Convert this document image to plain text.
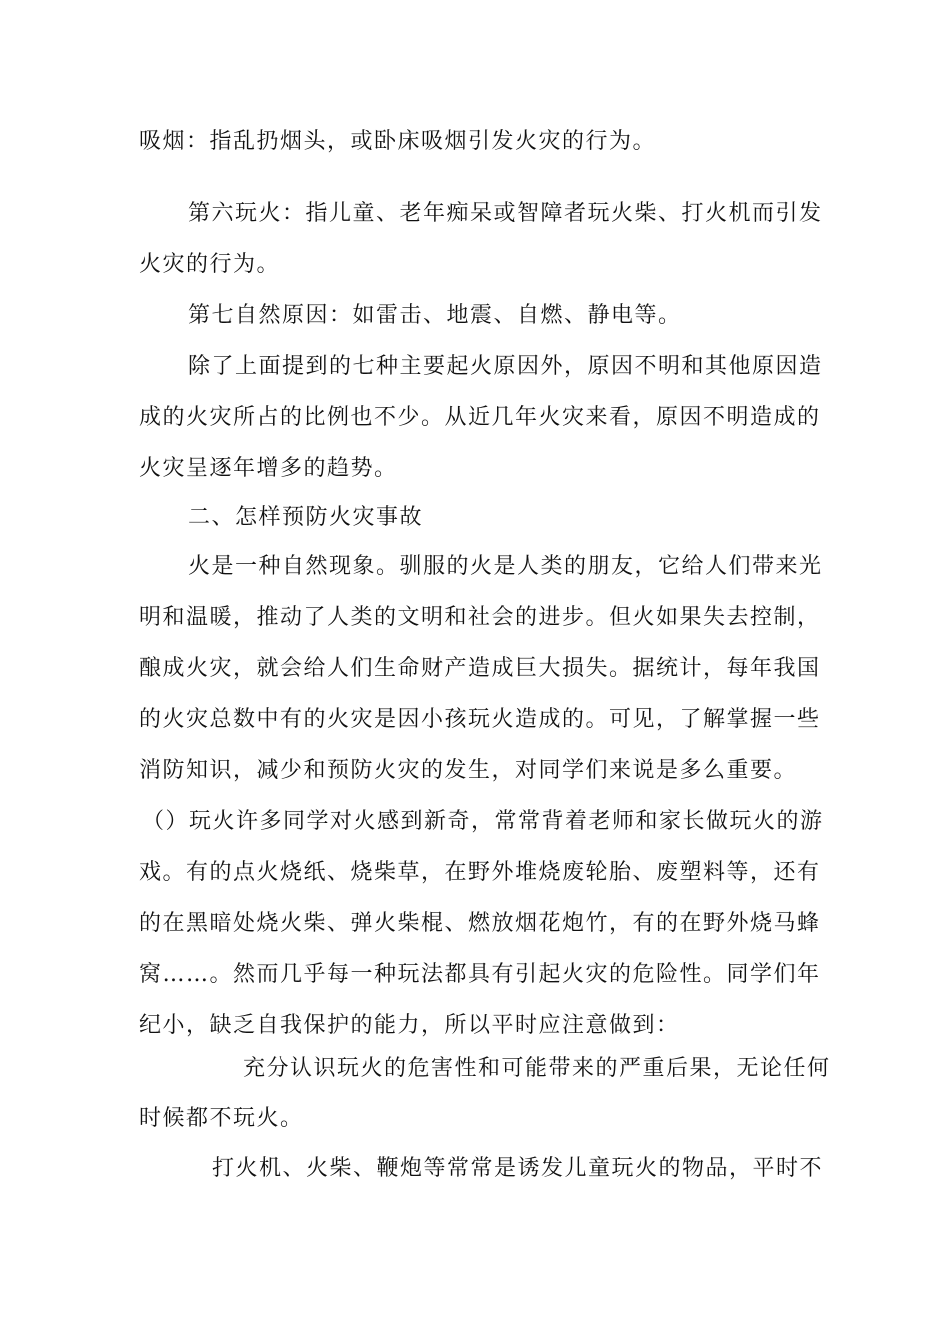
吸烟：指乱扔烟头，或卧床吸烟引发火灾的行为。
第六玩火：指儿童、老年痴呆或智障者玩火柴、打火机而引发
火灾的行为。
第七自然原因：如雷击、地震、自燃、静电等。
除了上面提到的七种主要起火原因外，原因不明和其他原因造
成的火灾所占的比例也不少。从近几年火灾来看，原因不明造成的
火灾呈逐年增多的趋势。
二、怎样预防火灾事故
火是一种自然现象。驯服的火是人类的朋友，它给人们带来光
明和温暖，推动了人类的文明和社会的进步。但火如果失去控制，
酿成火灾，就会给人们生命财产造成巨大损失。据统计，每年我国
的火灾总数中有的火灾是因小孩玩火造成的。可见，了解掌握一些
消防知识，减少和预防火灾的发生，对同学们来说是多么重要。
（）玩火许多同学对火感到新奇，常常背着老师和家长做玩火的游
戏。有的点火烧纸、烧柴草，在野外堆烧废轮胎、废塑料等，还有
的在黑暗处烧火柴、弹火柴棍、燃放烟花炮竹，有的在野外烧马蜂
窝……。然而几乎每一种玩法都具有引起火灾的危险性。同学们年
纪小，缺乏自我保护的能力，所以平时应注意做到：
充分认识玩火的危害性和可能带来的严重后果，无论任何
时候都不玩火。
打火机、火柴、鞭炮等常常是诱发儿童玩火的物品，平时不
